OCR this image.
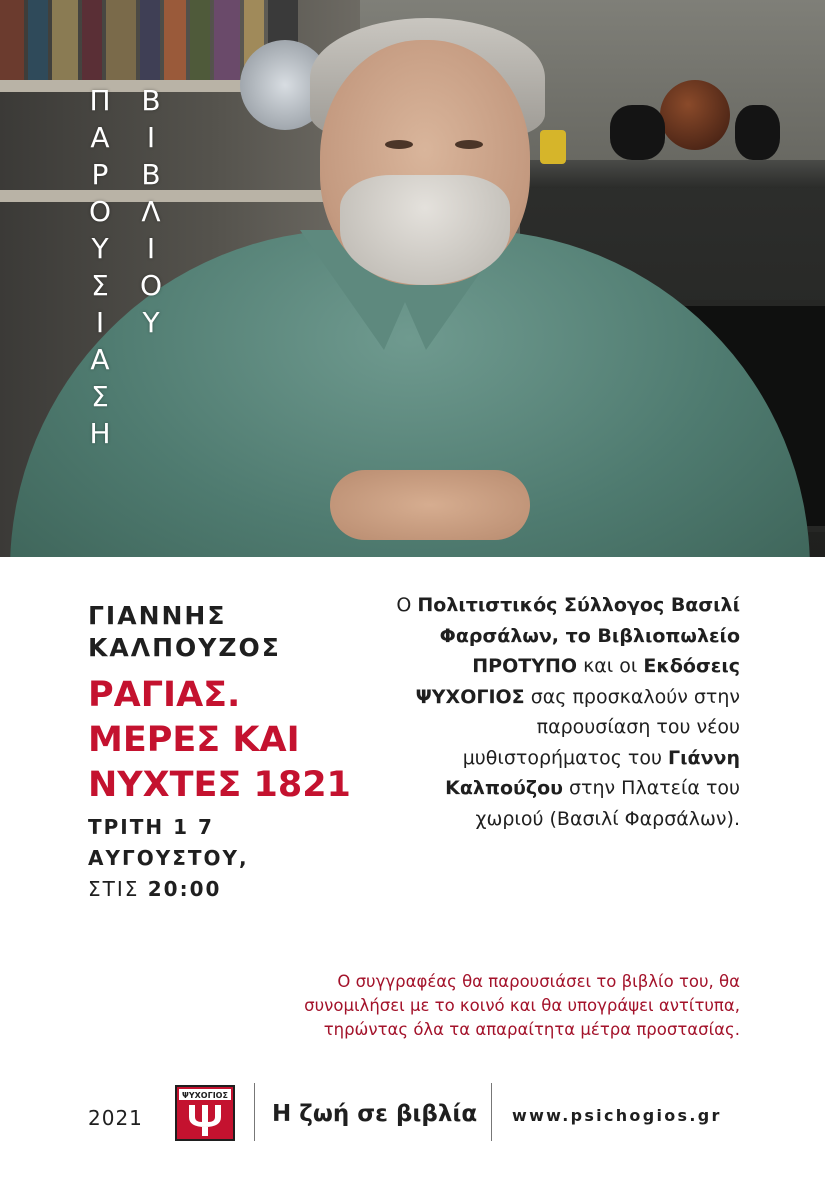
Π
Α
Ρ
Ο
Υ
Σ
Ι
Α
Σ
Η
Β
Ι
Β
Λ
Ι
Ο
Υ
ΓΙΑΝΝΗΣ
ΚΑΛΠΟΥΖΟΣ
ΡΑΓΙΑΣ.
ΜΕΡΕΣ ΚΑΙ
ΝΥΧΤΕΣ 1821
ΤΡΙΤΗ 1 7
ΑΥΓΟΥΣΤΟΥ,
ΣΤΙΣ 20:00
Ο Πολιτιστικός Σύλλογος Βασιλί
Φαρσάλων, το Βιβλιοπωλείο
ΠΡΟΤΥΠΟ και οι Εκδόσεις
ΨΥΧΟΓΙΟΣ σας προσκαλούν στην
παρουσίαση του νέου
μυθιστορήματος του Γιάννη
Καλπούζου στην Πλατεία του
χωριού (Βασιλί Φαρσάλων).
Ο συγγραφέας θα παρουσιάσει το βιβλίο του, θα
συνομιλήσει με το κοινό και θα υπογράψει αντίτυπα,
τηρώντας όλα τα απαραίτητα μέτρα προστασίας.
2021
ΨΥΧΟΓΙΟΣ
Η ζωή σε βιβλία www.psichogios.gr
